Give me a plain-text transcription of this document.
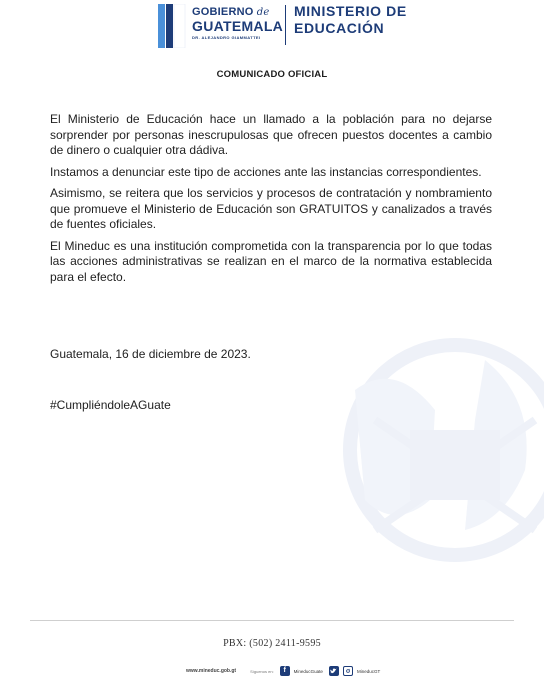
GOBIERNO de
GUATEMALA
DR. ALEJANDRO GIAMMATTEI
MINISTERIO DE
EDUCACIÓN
COMUNICADO OFICIAL

El Ministerio de Educación hace un llamado a la población para no dejarse sorprender por personas inescrupulosas que ofrecen puestos docentes a cambio de dinero o cualquier otra dádiva.

Instamos a denunciar este tipo de acciones ante las instancias correspondientes.

Asimismo, se reitera que los servicios y procesos de contratación y nombramiento que promueve el Ministerio de Educación son GRATUITOS y canalizados a través de fuentes oficiales.

El Mineduc es una institución comprometida con la transparencia por lo que todas las acciones administrativas se realizan en el marco de la normativa establecida para el efecto.

Guatemala, 16 de diciembre de 2023.
#CumpliéndoleAGuate
PBX: (502) 2411-9595
www.mineduc.gob.gt	Síguenos en:	f	MineducGuate	MineducGT
